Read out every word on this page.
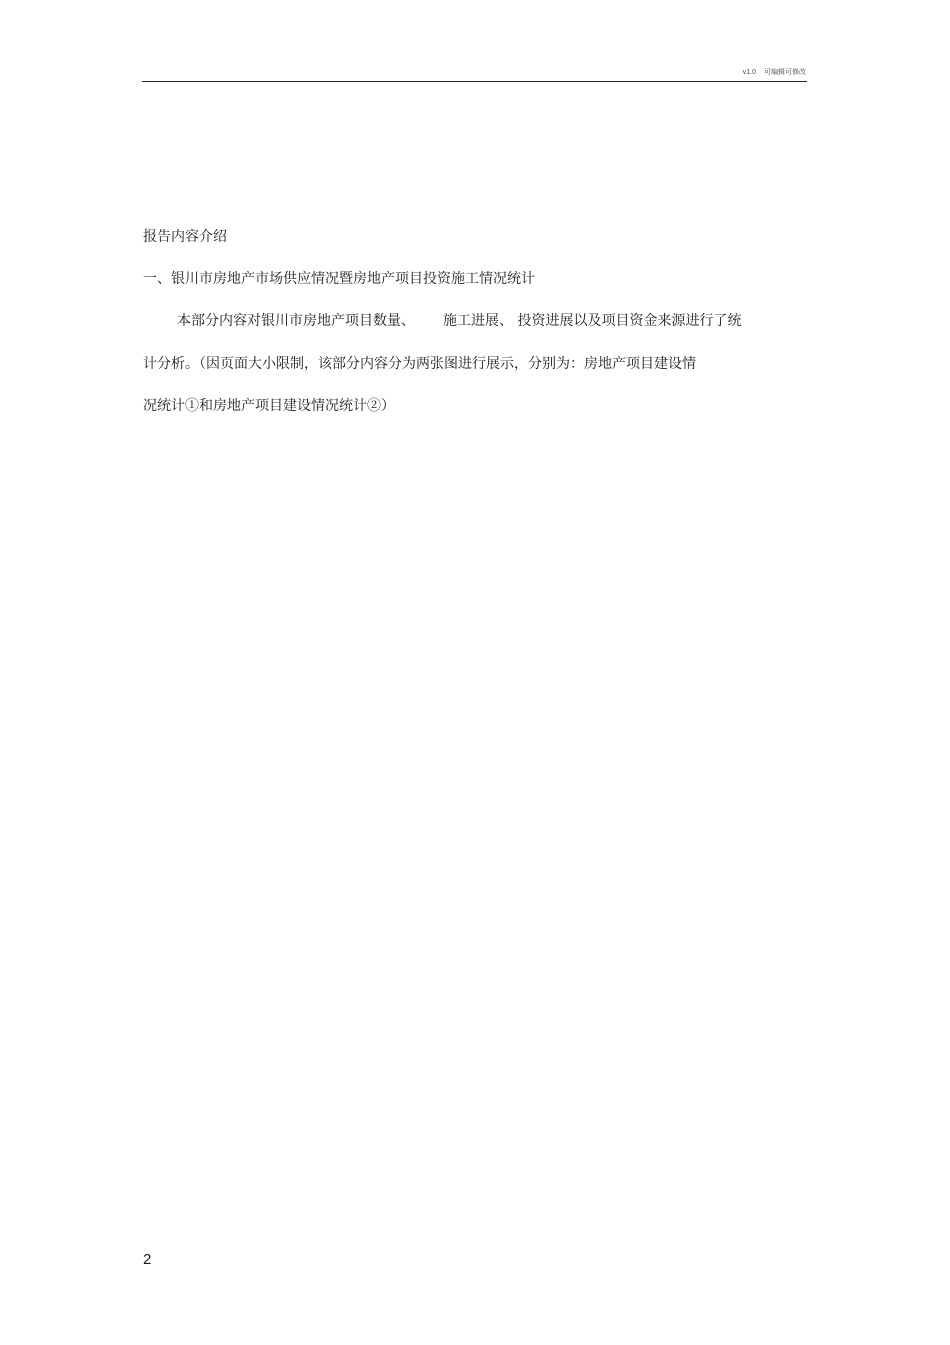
v1.0 可编辑可修改
报告内容介绍
一、银川市房地产市场供应情况暨房地产项目投资施工情况统计
本部分内容对银川市房地产项目数量、 施工进展、 投资进展以及项目资金来源进行了统
计分析。（因页面大小限制，该部分内容分为两张图进行展示，分别为：房地产项目建设情
况统计①和房地产项目建设情况统计②）
2
